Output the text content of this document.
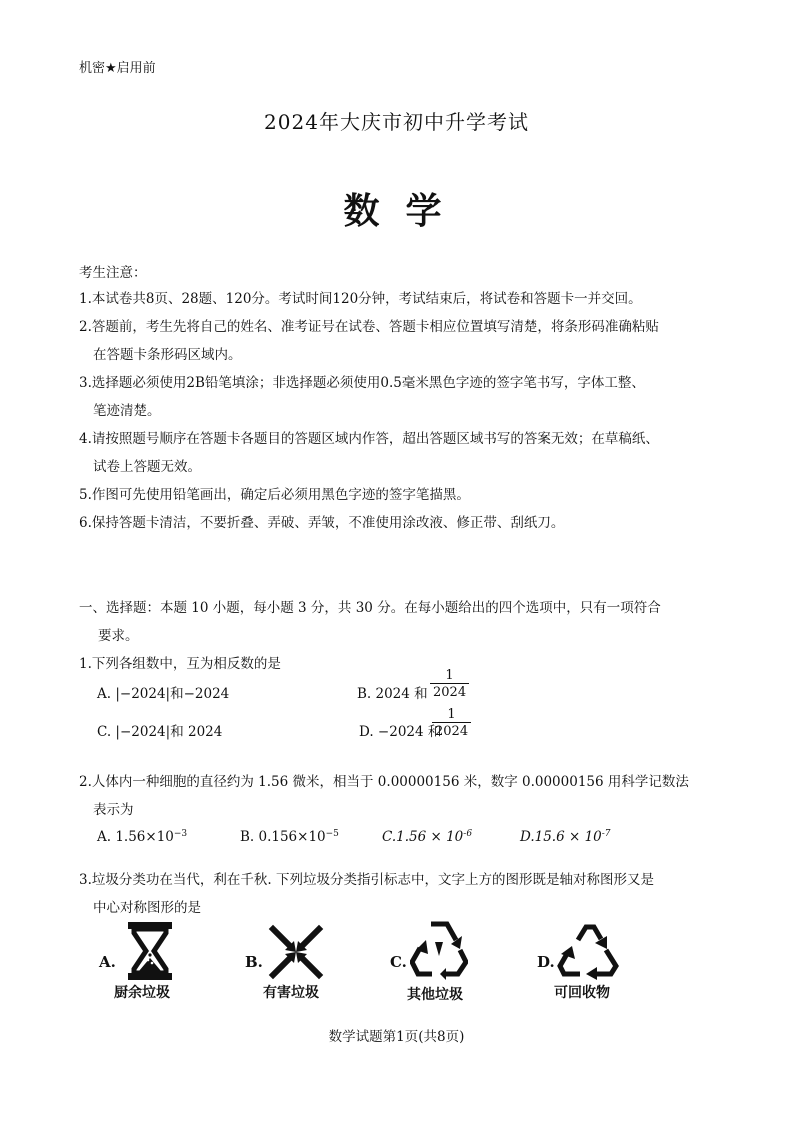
机密★启用前
2024年大庆市初中升学考试
数学
考生注意：
1.本试卷共8页、28题、120分。考试时间120分钟，考试结束后，将试卷和答题卡一并交回。
2.答题前，考生先将自己的姓名、准考证号在试卷、答题卡相应位置填写清楚，将条形码准确粘贴
在答题卡条形码区域内。
3.选择题必须使用2B铅笔填涂；非选择题必须使用0.5毫米黑色字迹的签字笔书写，字体工整、
笔迹清楚。
4.请按照题号顺序在答题卡各题目的答题区域内作答，超出答题区域书写的答案无效；在草稿纸、
试卷上答题无效。
5.作图可先使用铅笔画出，确定后必须用黑色字迹的签字笔描黑。
6.保持答题卡清洁，不要折叠、弄破、弄皱，不准使用涂改液、修正带、刮纸刀。
一、选择题：本题 10 小题，每小题 3 分，共 30 分。在每小题给出的四个选项中，只有一项符合
要求。
1.下列各组数中，互为相反数的是
A. |−2024|和−2024	B. 2024 和 $\frac{1}{2024}$
C. |−2024|和 2024	D. −2024 和
$\frac{1}{2024}$
2.人体内一种细胞的直径约为 1.56 微米，相当于 0.00000156 米，数字 0.00000156 用科学记数法
表示为
A. $1.56\times 10^{-3}$	B. $0.156\times 10^{-5}$	$C.1.56 \times 10^{-6}$	$D.15.6 \times 10^{-7}$
3.垃圾分类功在当代，利在千秋. 下列垃圾分类指引标志中，文字上方的图形既是轴对称图形又是
中心对称图形的是
A.
厨余垃圾
B.
有害垃圾
C.
其他垃圾
D.
可回收物
数学试题第1页(共8页)
